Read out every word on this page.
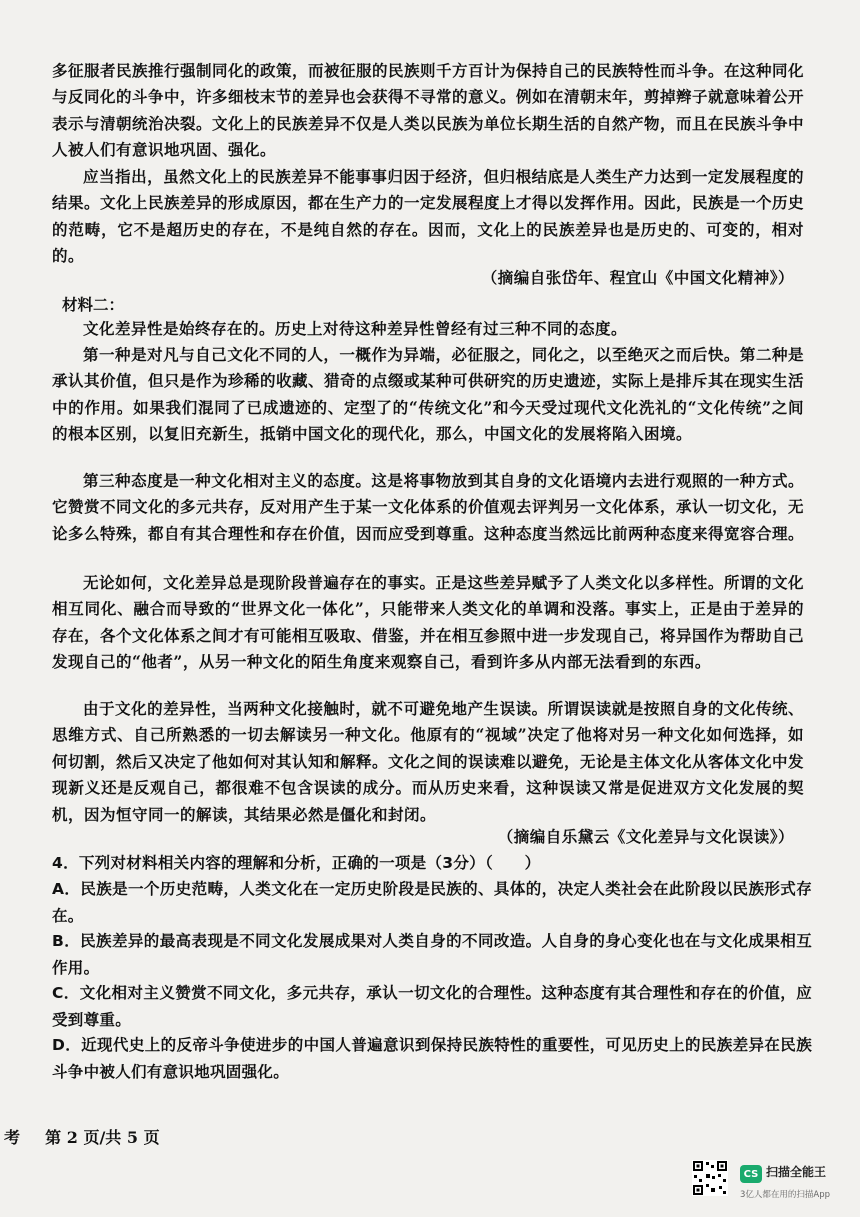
多征服者民族推行强制同化的政策，而被征服的民族则千方百计为保持自己的民族特性而斗争。在这种同化与反同化的斗争中，许多细枝末节的差异也会获得不寻常的意义。例如在清朝末年，剪掉辫子就意味着公开表示与清朝统治决裂。文化上的民族差异不仅是人类以民族为单位长期生活的自然产物，而且在民族斗争中人被人们有意识地巩固、强化。
应当指出，虽然文化上的民族差异不能事事归因于经济，但归根结底是人类生产力达到一定发展程度的结果。文化上民族差异的形成原因，都在生产力的一定发展程度上才得以发挥作用。因此，民族是一个历史的范畴，它不是超历史的存在，不是纯自然的存在。因而，文化上的民族差异也是历史的、可变的，相对的。
（摘编自张岱年、程宜山《中国文化精神》）
材料二：
文化差异性是始终存在的。历史上对待这种差异性曾经有过三种不同的态度。
第一种是对凡与自己文化不同的人，一概作为异端，必征服之，同化之，以至绝灭之而后快。第二种是承认其价值，但只是作为珍稀的收藏、猎奇的点缀或某种可供研究的历史遗迹，实际上是排斥其在现实生活中的作用。如果我们混同了已成遗迹的、定型了的“传统文化”和今天受过现代文化洗礼的“文化传统”之间的根本区别，以复旧充新生，抵销中国文化的现代化，那么，中国文化的发展将陷入困境。
第三种态度是一种文化相对主义的态度。这是将事物放到其自身的文化语境内去进行观照的一种方式。它赞赏不同文化的多元共存，反对用产生于某一文化体系的价值观去评判另一文化体系，承认一切文化，无论多么特殊，都自有其合理性和存在价值，因而应受到尊重。这种态度当然远比前两种态度来得宽容合理。
无论如何，文化差异总是现阶段普遍存在的事实。正是这些差异赋予了人类文化以多样性。所谓的文化相互同化、融合而导致的“世界文化一体化”，只能带来人类文化的单调和没落。事实上，正是由于差异的存在，各个文化体系之间才有可能相互吸取、借鉴，并在相互参照中进一步发现自己，将异国作为帮助自己发现自己的“他者”，从另一种文化的陌生角度来观察自己，看到许多从内部无法看到的东西。
由于文化的差异性，当两种文化接触时，就不可避免地产生误读。所谓误读就是按照自身的文化传统、思维方式、自己所熟悉的一切去解读另一种文化。他原有的“视域”决定了他将对另一种文化如何选择，如何切割，然后又决定了他如何对其认知和解释。文化之间的误读难以避免，无论是主体文化从客体文化中发现新义还是反观自己，都很难不包含误读的成分。而从历史来看，这种误读又常是促进双方文化发展的契机，因为恒守同一的解读，其结果必然是僵化和封闭。
（摘编自乐黛云《文化差异与文化误读》）
4．下列对材料相关内容的理解和分析，正确的一项是（3分）（　　）
A．民族是一个历史范畴，人类文化在一定历史阶段是民族的、具体的，决定人类社会在此阶段以民族形式存在。
B．民族差异的最高表现是不同文化发展成果对人类自身的不同改造。人自身的身心变化也在与文化成果相互作用。
C．文化相对主义赞赏不同文化，多元共存，承认一切文化的合理性。这种态度有其合理性和存在的价值，应受到尊重。
D．近现代史上的反帝斗争使进步的中国人普遍意识到保持民族特性的重要性，可见历史上的民族差异在民族斗争中被人们有意识地巩固强化。
考 第 2 页/共 5 页
CS 扫描全能王
3亿人都在用的扫描App
